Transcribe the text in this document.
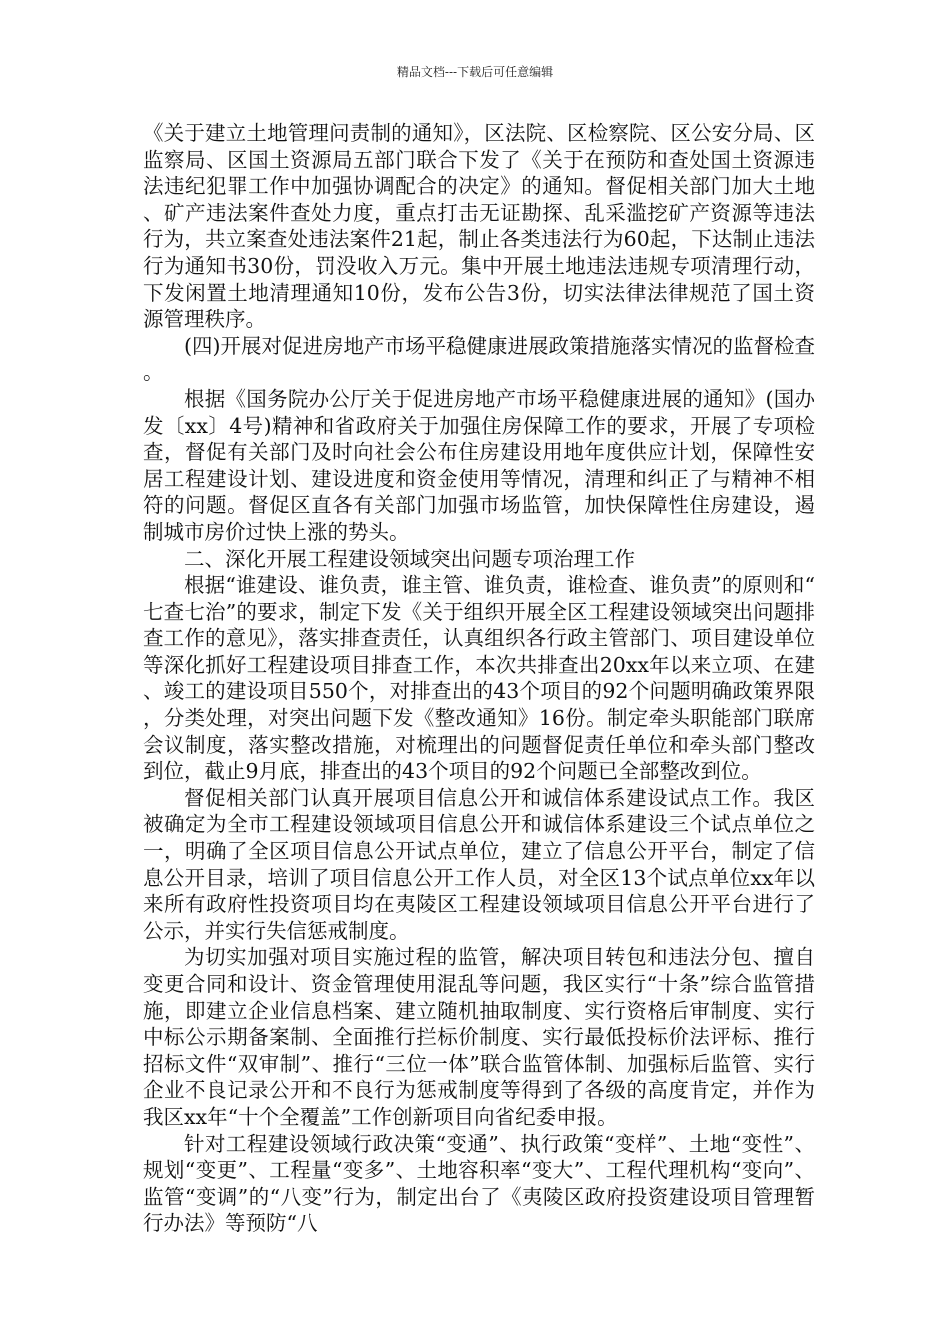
精品文档---下载后可任意编辑

《关于建立土地管理问责制的通知》，区法院、区检察院、区公安分局、区监察局、区国土资源局五部门联合下发了《关于在预防和查处国土资源违法违纪犯罪工作中加强协调配合的决定》的通知。督促相关部门加大土地、矿产违法案件查处力度，重点打击无证勘探、乱采滥挖矿产资源等违法行为，共立案查处违法案件21起，制止各类违法行为60起，下达制止违法行为通知书30份，罚没收入万元。集中开展土地违法违规专项清理行动，下发闲置土地清理通知10份，发布公告3份，切实法律法律规范了国土资源管理秩序。

(四)开展对促进房地产市场平稳健康进展政策措施落实情况的监督检查。

根据《国务院办公厅关于促进房地产市场平稳健康进展的通知》(国办发〔xx〕4号)精神和省政府关于加强住房保障工作的要求，开展了专项检查，督促有关部门及时向社会公布住房建设用地年度供应计划，保障性安居工程建设计划、建设进度和资金使用等情况，清理和纠正了与精神不相符的问题。督促区直各有关部门加强市场监管，加快保障性住房建设，遏制城市房价过快上涨的势头。

二、深化开展工程建设领域突出问题专项治理工作

根据“谁建设、谁负责，谁主管、谁负责，谁检查、谁负责”的原则和“七查七治”的要求，制定下发《关于组织开展全区工程建设领域突出问题排查工作的意见》，落实排查责任，认真组织各行政主管部门、项目建设单位等深化抓好工程建设项目排查工作，本次共排查出20xx年以来立项、在建、竣工的建设项目550个，对排查出的43个项目的92个问题明确政策界限，分类处理，对突出问题下发《整改通知》16份。制定牵头职能部门联席会议制度，落实整改措施，对梳理出的问题督促责任单位和牵头部门整改到位，截止9月底，排查出的43个项目的92个问题已全部整改到位。

督促相关部门认真开展项目信息公开和诚信体系建设试点工作。我区被确定为全市工程建设领域项目信息公开和诚信体系建设三个试点单位之一，明确了全区项目信息公开试点单位，建立了信息公开平台，制定了信息公开目录，培训了项目信息公开工作人员，对全区13个试点单位xx年以来所有政府性投资项目均在夷陵区工程建设领域项目信息公开平台进行了公示，并实行失信惩戒制度。

为切实加强对项目实施过程的监管，解决项目转包和违法分包、擅自变更合同和设计、资金管理使用混乱等问题，我区实行“十条”综合监管措施，即建立企业信息档案、建立随机抽取制度、实行资格后审制度、实行中标公示期备案制、全面推行拦标价制度、实行最低投标价法评标、推行招标文件“双审制”、推行“三位一体”联合监管体制、加强标后监管、实行企业不良记录公开和不良行为惩戒制度等得到了各级的高度肯定，并作为我区xx年“十个全覆盖”工作创新项目向省纪委申报。

针对工程建设领域行政决策“变通”、执行政策“变样”、土地“变性”、规划“变更”、工程量“变多”、土地容积率“变大”、工程代理机构“变向”、监管“变调”的“八变”行为，制定出台了《夷陵区政府投资建设项目管理暂行办法》等预防“八
